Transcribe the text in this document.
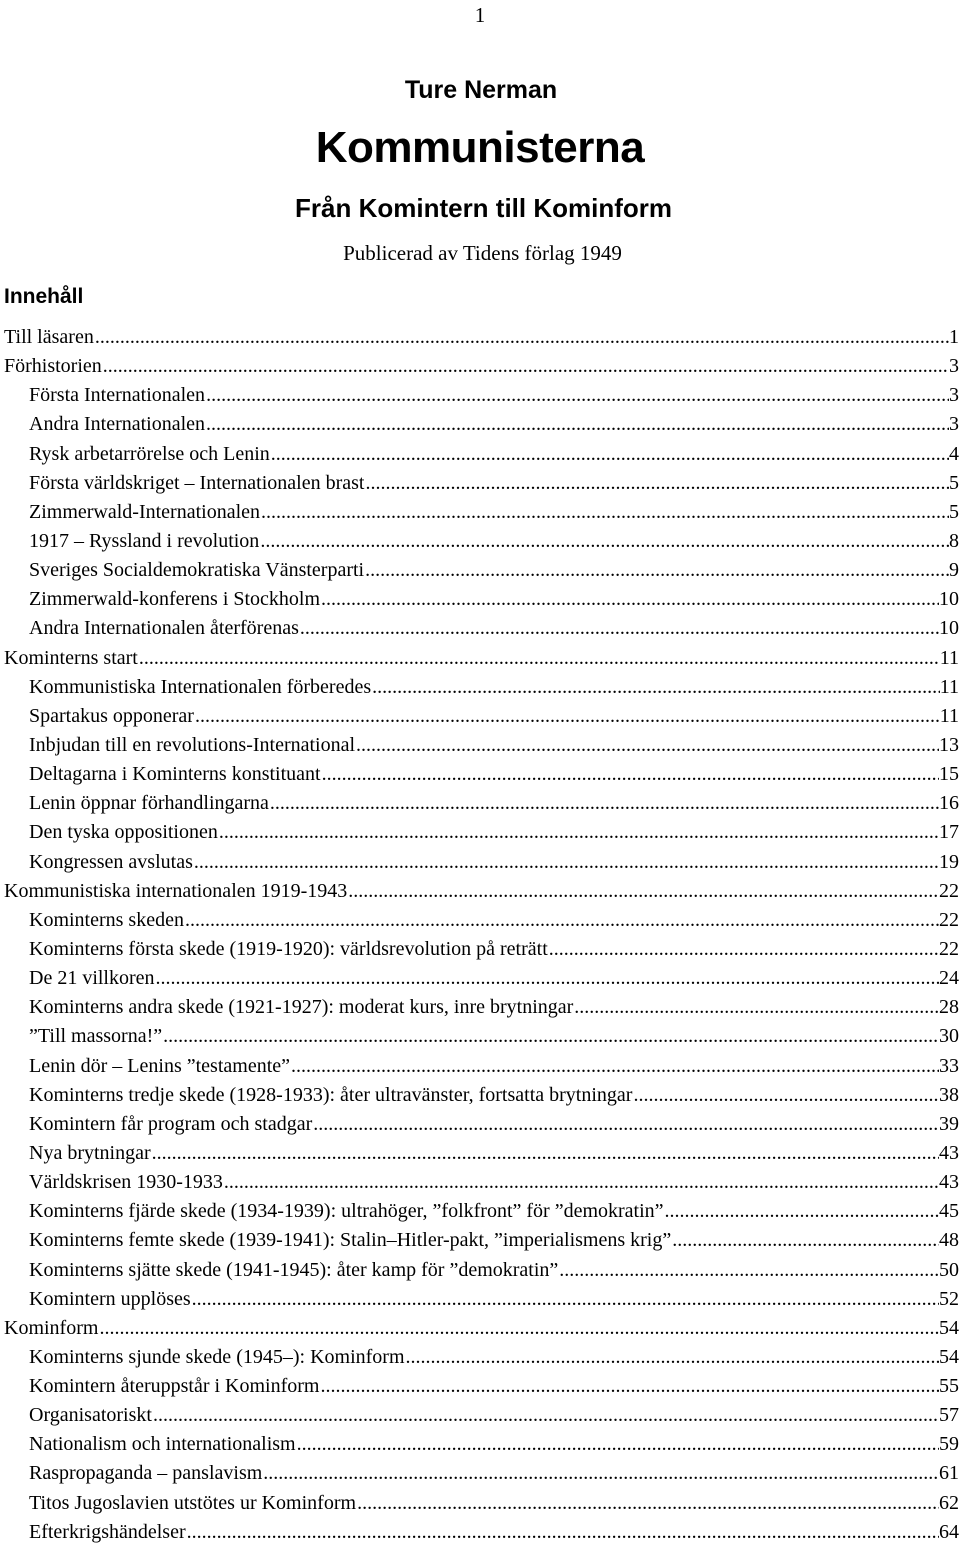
1
Ture Nerman
Kommunisterna
Från Komintern till Kominform
Publicerad av Tidens förlag 1949
Innehåll
Till läsaren .....	1
Förhistorien .....	3
Första Internationalen .....	3
Andra Internationalen .....	3
Rysk arbetarrörelse och Lenin .....	4
Första världskriget – Internationalen brast .....	5
Zimmerwald-Internationalen .....	5
1917 – Ryssland i revolution .....	8
Sveriges Socialdemokratiska Vänsterparti .....	9
Zimmerwald-konferens i Stockholm .....	10
Andra Internationalen återförenas .....	10
Kominterns start .....	11
Kommunistiska Internationalen förberedes .....	11
Spartakus opponerar .....	11
Inbjudan till en revolutions-International .....	13
Deltagarna i Kominterns konstituant .....	15
Lenin öppnar förhandlingarna .....	16
Den tyska oppositionen .....	17
Kongressen avslutas .....	19
Kommunistiska internationalen 1919-1943 .....	22
Kominterns skeden .....	22
Kominterns första skede (1919-1920): världsrevolution på reträtt .....	22
De 21 villkoren .....	24
Kominterns andra skede (1921-1927): moderat kurs, inre brytningar .....	28
”Till massorna!” .....	30
Lenin dör – Lenins ”testamente” .....	33
Kominterns tredje skede (1928-1933): åter ultravänster, fortsatta brytningar .....	38
Komintern får program och stadgar .....	39
Nya brytningar .....	43
Världskrisen 1930-1933 .....	43
Kominterns fjärde skede (1934-1939): ultrahöger, ”folkfront” för ”demokratin” .....	45
Kominterns femte skede (1939-1941): Stalin–Hitler-pakt, ”imperialismens krig” .....	48
Kominterns sjätte skede (1941-1945): åter kamp för ”demokratin” .....	50
Komintern upplöses .....	52
Kominform .....	54
Kominterns sjunde skede (1945–): Kominform .....	54
Komintern återuppstår i Kominform .....	55
Organisatoriskt .....	57
Nationalism och internationalism .....	59
Raspropaganda – panslavism .....	61
Titos Jugoslavien utstötes ur Kominform .....	62
Efterkrigshändelser .....	64
